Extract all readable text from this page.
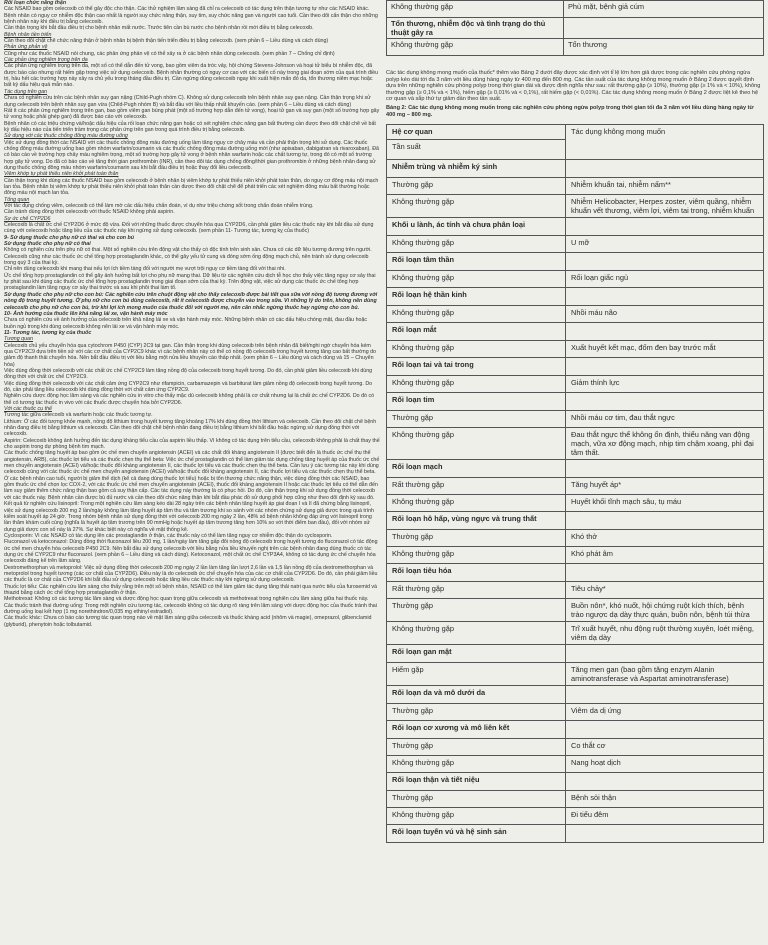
Rối loạn chức năng thận

Các NSAID bao gồm celecoxib có thể gây độc cho thận. Các thử nghiệm lâm sàng đã chỉ ra celecoxib có tác dụng trên thận tương tự như các NSAID khác. Bệnh nhân có nguy cơ nhiễm độc thận cao nhất là người suy chức năng thận, suy tim, suy chức năng gan và người cao tuổi. Cần theo dõi cẩn thận cho những bệnh nhân này khi điều trị bằng celecoxib.

Cần thận trọng khi bắt đầu điều trị cho bệnh nhân mất nước. Trước tiên cần bù nước cho bệnh nhân rồi mới điều trị bằng celecoxib.

Bệnh nhân tiền triển

Cần theo dõi chặt chẽ chức năng thận ở bệnh nhân bị bệnh thận tiến triển điều trị bằng celecoxib. (xem phần 6 – Liều dùng và cách dùng)

Phản ứng phản vệ

Cũng như các thuốc NSAID nói chung, các phản ứng phản vệ có thể xảy ra ở các bệnh nhân dùng celecoxib. (xem phần 7 – Chống chỉ định)

Các phản ứng nghiêm trọng trên da

Các phản ứng nghiêm trọng trên da, một số có thể dẫn đến tử vong, bao gồm viêm da tróc vảy, hội chứng Stevens-Johnson và hoại tử biểu bì nhiễm độc, đã được báo cáo nhưng rất hiếm gặp trong việc sử dụng celecoxib. Bệnh nhân thường có nguy cơ cao với các biến cố này trong giai đoạn sớm của quá trình điều trị, hầu hết các trường hợp này xảy ra chủ yếu trong tháng đầu điều trị. Cần ngừng dùng celecoxib ngay khi xuất hiện mẩn đỏ da, tổn thương niêm mạc hoặc bất kỳ dấu hiệu quá mẫn nào.

Tác dụng trên gan

Chưa có nghiên cứu trên các bệnh nhân suy gan nặng (Child-Pugh nhóm C). Không sử dụng celecoxib trên bệnh nhân suy gan nặng. Cần thận trọng khi sử dụng celecoxib trên bệnh nhân suy gan vừa (Child-Pugh nhóm B) và bắt đầu với liều thấp nhất khuyến cáo. (xem phần 6 – Liều dùng và cách dùng)

Rất ít các phản ứng nghiêm trọng trên gan, bao gồm viêm gan bùng phát (một số trường hợp dẫn đến tử vong), hoại tử gan và suy gan (một số trường hợp gây tử vong hoặc phải ghép gan) đã được báo cáo với celecoxib.

Bệnh nhân có các triệu chứng và/hoặc dấu hiệu của rối loạn chức năng gan hoặc có xét nghiệm chức năng gan bất thường cần được theo dõi chặt chẽ về bất kỳ dấu hiệu nào của tiến triển trầm trọng các phản ứng trên gan trong quá trình điều trị bằng celecoxib.

Sử dụng với các thuốc chống đông máu đường uống

Việc sử dụng đồng thời các NSAID với các thuốc chống đông máu đường uống làm tăng nguy cơ chảy máu và cần phải thận trọng khi sử dụng. Các thuốc chống đông máu đường uống bao gồm nhóm warfarin/coumarin và các thuốc chống đông máu đường uống mới (như apixaban, dabigatran và rivaroxaban). Đã có báo cáo về trường hợp chảy máu nghiêm trọng, một số trường hợp gây tử vong ở bệnh nhân warfarin hoặc các chất tương tự, trong đó có một số trường hợp gây tử vong. Do đã có báo cáo về tăng thời gian prothrombin (INR), cần theo dõi tác dụng chống đông/thời gian prothrombin ở những bệnh nhân đang sử dụng thuốc chống đông máu nhóm warfarin/coumarin sau khi bắt đầu điều trị hoặc thay đổi liều celecoxib.

Viêm khớp tự phát thiếu niên khởi phát toàn thân

Cần thận trọng khi dùng các thuốc NSAID bao gồm celecoxib ở bệnh nhân bị viêm khớp tự phát thiếu niên khởi phát toàn thân, do nguy cơ đông máu nội mạch lan tỏa. Bệnh nhân bị viêm khớp tự phát thiếu niên khởi phát toàn thân cần được theo dõi chặt chẽ để phát triển các xét nghiệm đông máu bất thường hoặc đông máu nội mạch lan tỏa.

Tổng quan

Với tác dụng chống viêm, celecoxib có thể làm mờ các dấu hiệu chẩn đoán, ví dụ như triệu chứng sốt trong chẩn đoán nhiễm trùng.

Cần tránh dùng đồng thời celecoxib với thuốc NSAID không phải aspirin.

Sự ức chế CYP2D6

Celecoxib là chất ức chế CYP2D6 ở mức độ vừa. Đối với những thuốc được chuyển hóa qua CYP2D6, cần phải giảm liều các thuốc này khi bắt đầu sử dụng cùng với celecoxib hoặc tăng liều của các thuốc này khi ngừng sử dụng celecoxib. (xem phần 11- Tương tác, tương kỵ của thuốc)

9- Sử dụng thuốc cho phụ nữ có thai và cho con bú

Sử dụng thuốc cho phụ nữ có thai

Không có nghiên cứu trên phụ nữ có thai. Một số nghiên cứu trên động vật cho thấy có độc tính trên sinh sản. Chưa có các dữ liệu tương đương trên người.

Celecoxib cũng như các thuốc ức chế tổng hợp prostaglandin khác, có thể gây yếu tử cung và đóng sớm ống động mạch chủ, nên tránh sử dụng celecoxib trong quý 3 của thai kỳ.

Chỉ nên dùng celecoxib khi mang thai nếu lợi ích tiềm tàng đối với người mẹ vượt trội nguy cơ tiềm tàng đối với thai nhi.

Ức chế tổng hợp prostaglandin có thể gây ảnh hưởng bất lợi cho phụ nữ mang thai. Dữ liệu từ các nghiên cứu dịch tễ học cho thấy việc tăng nguy cơ sảy thai tự phát sau khi dùng các thuốc ức chế tổng hợp prostaglandin trong giai đoạn sớm của thai kỳ. Trên động vật, việc sử dụng các thuốc ức chế tổng hợp prostaglandin làm tăng nguy cơ sảy thai trước và sau khi phôi thai làm tổ.

Sử dụng thuốc cho phụ nữ cho con bú: Các nghiên cứu trên chuột động vật cho thấy celecoxib được bài tiết qua sữa với nồng độ tương đương với nồng độ trong huyết tương. Ở phụ nữ cho con bú dùng celecoxib, rất ít celecoxib được chuyển vào trong sữa. Vì những lý do trên, không nên dùng celecoxib cho phụ nữ cho con bú, trừ khi lợi ích mong muốn của thuốc đối với người mẹ, nên cân nhắc ngừng thuốc hay ngừng cho con bú.

10- Ảnh hưởng của thuốc lên khả năng lái xe, vận hành máy móc

Chưa có nghiên cứu về ảnh hưởng của celecoxib trên khả năng lái xe và vận hành máy móc. Những bệnh nhân có các dấu hiệu chóng mặt, đau đầu hoặc buồn ngủ trong khi dùng celecoxib không nên lái xe và vận hành máy móc.

11- Tương tác, tương kỵ của thuốc

Tương quan

Celecoxib chủ yếu chuyển hóa qua cytochrom P450 (CYP) 2C9 tại gan. Cần thận trọng khi dùng celecoxib trên bệnh nhân đã biết/nghi ngờ chuyển hóa kém qua CYP2C9 dựa trên tiền sử với các cơ chất của CYP2C9 khác vì các bệnh nhân này có thể có nồng độ celecoxib trong huyết tương tăng cao bất thường do giảm độ thanh thải chuyển hóa. Nên bắt đầu điều trị với liều bằng một nửa liều khuyến cáo thấp nhất. (xem phần 6 – Liều dùng và cách dùng và 15 – Chuyển hóa)

Việc dùng đồng thời celecoxib với các chất ức chế CYP2C9 làm tăng nồng độ của celecoxib trong huyết tương. Do đó, cần phải giảm liều celecoxib khi dùng đồng thời với chất ức chế CYP2C9.

Việc dùng đồng thời celecoxib với các chất cảm ứng CYP2C9 như rifampicin, carbamazepin và barbiturat làm giảm nồng độ celecoxib trong huyết tương. Do đó, cần phải tăng liều celecoxib khi dùng đồng thời với chất cảm ứng CYP2C9.

Nghiên cứu dược động học lâm sàng và các nghiên cứu in vitro cho thấy mặc dù celecoxib không phải là cơ chất nhưng lại là chất ức chế CYP2D6. Do đó có thể có tương tác thuốc in vivo với các thuốc được chuyển hóa bởi CYP2D6.

Với các thuốc cụ thể

Tương tác giữa celecoxib và warfarin hoặc các thuốc tương tự.

Lithium: Ở các đối tượng khỏe mạnh, nồng độ lithium trong huyết tương tăng khoảng 17% khi dùng đồng thời lithium và celecoxib. Cần theo dõi chặt chẽ bệnh nhân đang điều trị bằng lithium và celecoxib. Cần theo dõi chặt chẽ bệnh nhân đang điều trị bằng lithium khi bắt đầu hoặc ngừng sử dụng đồng thời với celecoxib.

Aspirin: Celecoxib không ảnh hưởng đến tác dụng kháng tiểu cầu của aspirin liều thấp. Vì không có tác dụng trên tiểu cầu, celecoxib không phải là chất thay thế cho aspirin trong dự phòng bệnh tim mạch.

Các thuốc chống tăng huyết áp bao gồm ức chế men chuyển angiotensin (ACEI) và các chất đối kháng angiotensin II (được biết đến là thuốc ức chế thụ thể angiotensin, ARB), các thuốc lợi tiểu và các thuốc chẹn thụ thể beta: Việc ức chế prostaglandin có thể làm giảm tác dụng chống tăng huyết áp của thuốc ức chế men chuyển angiotensin (ACEI) và/hoặc thuốc đối kháng angiotensin II, các thuốc lợi tiểu và các thuốc chẹn thụ thể beta. Cần lưu ý các tương tác này khi dùng celecoxib cùng với các thuốc ức chế men chuyển angiotensin (ACEI) và/hoặc thuốc đối kháng angiotensin II, các thuốc lợi tiểu và các thuốc chẹn thụ thể beta.

Ở các bệnh nhân cao tuổi, người bị giảm thể dịch (kể cả đang dùng thuốc lợi tiểu) hoặc bị tổn thương chức năng thận, việc dùng đồng thời các NSAID, bao gồm thuốc ức chế chọn lọc COX-2, với các thuốc ức chế men chuyển angiotensin (ACEI), thuốc đối kháng angiotensin II hoặc các thuốc lợi tiểu có thể dẫn đến làm suy giảm thêm chức năng thận bao gồm cả suy thận cấp. Các tác dụng này thường là có phục hồi. Do đó, cần thận trọng khi sử dụng đồng thời celecoxib với các thuốc này. Bệnh nhân cần được bù đủ nước và cần theo dõi chức năng thận khi bắt đầu phác đồ sử dụng phối hợp cũng như theo dõi định kỳ sau đó.

Kết quả từ nghiên cứu lisinopril: Trong một nghiên cứu lâm sàng kéo dài 28 ngày trên các bệnh nhân tăng huyết áp giai đoạn I và II đã chứng bằng lisinopril, việc sử dụng celecoxib 200 mg 2 lần/ngày không làm tăng huyết áp tâm thu và tâm trương khi so sánh với các nhóm chứng sử dụng giả dược trong quá trình kiểm soát huyết áp 24 giờ. Trong nhóm bệnh nhân sử dụng đồng thời với celecoxib 200 mg ngày 2 lần, 48% số bệnh nhân không đáp ứng với lisinopril trong lần thăm khám cuối cùng (nghĩa là huyết áp tâm trương trên 90 mmHg hoặc huyết áp tâm trương tăng hơn 10% so với thời điểm ban đầu), đối với nhóm sử dụng giả dược con số này là 27%. Sự khác biệt này có nghĩa về mặt thống kê.

Cyclosporin: Vì các NSAID có tác dụng lên các prostaglandin ở thận, các thuốc này có thể làm tăng nguy cơ nhiễm độc thận do cyclosporin.

Fluconazol và ketoconazol: Dùng đồng thời fluconazol liều 200 mg, 1 lần/ngày làm tăng gấp đôi nồng độ celecoxib trong huyết tương do fluconazol có tác động ức chế men chuyển hóa celecoxib P450 2C9. Nên bắt đầu sử dụng celecoxib với liều bằng nửa liều khuyến nghị trên các bệnh nhân đang dùng thuốc có tác dụng ức chế CYP2C9 như fluconazol. (xem phần 6 – Liều dùng và cách dùng). Ketoconazol, một chất ức chế CYP3A4, không có tác dụng ức chế chuyển hóa celecoxib đáng kể trên lâm sàng.

Dextromethorphan và metoprolol: Việc sử dụng đồng thời celecoxib 200 mg ngày 2 lần làm tăng lần lượt 2,6 lần và 1,5 lần nồng độ của dextromethorphan và metoprolol trong huyết tương (các cơ chất của CYP2D6). Điều này là do celecoxib ức chế chuyển hóa của các cơ chất của CYP2D6. Do đó, cần phải giảm liều các thuốc là cơ chất của CYP2D6 khi bắt đầu sử dụng celecoxib hoặc tăng liều các thuốc này khi ngừng sử dụng celecoxib.

Thuốc lợi tiểu: Các nghiên cứu lâm sàng cho thấy rằng trên một số bệnh nhân, NSAID có thể làm giảm tác dụng tăng thải natri qua nước tiểu của furosemid và thiazid bằng cách ức chế tổng hợp prostaglandin ở thận.

Methotrexat: Không có các tương tác lâm sàng và dược động học quan trọng giữa celecoxib và methotrexat trong nghiên cứu lâm sàng giữa hai thuốc này.

Các thuốc tránh thai đường uống: Trong một nghiên cứu tương tác, celecoxib không có tác dụng rõ ràng trên lâm sàng với dược động học của thuốc tránh thai đường uống loại kết hợp (1 mg norethindron/0,035 mg ethinyl estradiol).

Các thuốc khác: Chưa có báo cáo tương tác quan trọng nào về mặt lâm sàng giữa celecoxib và thuốc kháng acid (nhôm và magie), omeprazol, glibenclamid (glyburid), phenytoin hoặc tolbutamid.

Không thường gặp	Phù mặt, bệnh giả cúm
Tổn thương, nhiễm độc và tình trạng do thủ thuật gây ra	
Không thường gặp	Tổn thương

Các tác dụng không mong muốn của thuốc* thêm vào Bảng 2 dưới đây được xác định với tỉ lệ lớn hơn giả dược trong các nghiên cứu phòng ngừa polyp kéo dài tới đa 3 năm với liều dùng hàng ngày từ 400 mg đến 800 mg. Các tần suất của tác dụng không mong muốn ở Bảng 2 được quyết định dựa trên những nghiên cứu phòng polyp trong thời gian dài và được định nghĩa như sau: rất thường gặp (≥ 10%), thường gặp (≥ 1% và < 10%), không thường gặp (≥ 0,1% và < 1%), hiếm gặp (≥ 0,01% và < 0,1%), rất hiếm gặp (< 0,01%). Các tác dụng không mong muốn ở Bảng 2 được liệt kê theo hệ cơ quan và sắp thứ tự giảm dần theo tần suất.

Bảng 2: Các tác dụng không mong muốn trong các nghiên cứu phòng ngừa polyp trong thời gian tối đa 3 năm với liều dùng hàng ngày từ 400 mg – 800 mg.

Hệ cơ quan
Tần suất	Tác dụng không mong muốn
Nhiễm trùng và nhiễm ký sinh	
Thường gặp	Nhiễm khuẩn tai, nhiễm nấm**
Không thường gặp	Nhiễm Helicobacter, Herpes zoster, viêm quầng, nhiễm khuẩn vết thương, viêm lợi, viêm tai trong, nhiễm khuẩn
Khối u lành, ác tính và chưa phân loại	
Không thường gặp	U mỡ
Rối loạn tâm thần	
Không thường gặp	Rối loạn giấc ngủ
Rối loạn hệ thần kinh	
Không thường gặp	Nhồi máu não
Rối loạn mắt	
Không thường gặp	Xuất huyết kết mạc, đốm đen bay trước mắt
Rối loạn tai và tai trong	
Không thường gặp	Giảm thính lực
Rối loạn tim	
Thường gặp	Nhồi máu cơ tim, đau thắt ngực
Không thường gặp	Đau thắt ngực thể không ổn định, thiểu năng van động mạch, vữa xơ động mạch, nhịp tim chậm xoang, phì đại tâm thất.
Rối loạn mạch	
Rất thường gặp	Tăng huyết áp*
Không thường gặp	Huyết khối tĩnh mạch sâu, tụ máu
Rối loạn hô hấp, vùng ngực và trung thất	
Thường gặp	Khó thở
Không thường gặp	Khó phát âm
Rối loạn tiêu hóa	
Rất thường gặp	Tiêu chảy*
Thường gặp	Buồn nôn*, khó nuốt, hội chứng ruột kích thích, bệnh trào ngược dạ dày thực quản, buồn nôn, bệnh túi thừa
Không thường gặp	Trĩ xuất huyết, nhu động ruột thường xuyên, loét miệng, viêm dạ dày
Rối loạn gan mật	
Hiếm gặp	Tăng men gan (bao gồm tăng enzym Alanin aminotransferase và Aspartat aminotransferase)
Rối loạn da và mô dưới da	
Thường gặp	Viêm da dị ứng
Rối loạn cơ xương và mô liên kết	
Thường gặp	Co thắt cơ
Không thường gặp	Nang hoạt dịch
Rối loạn thận và tiết niệu	
Thường gặp	Bệnh sỏi thận
Không thường gặp	Đi tiểu đêm
Rối loạn tuyến vú và hệ sinh sản	
